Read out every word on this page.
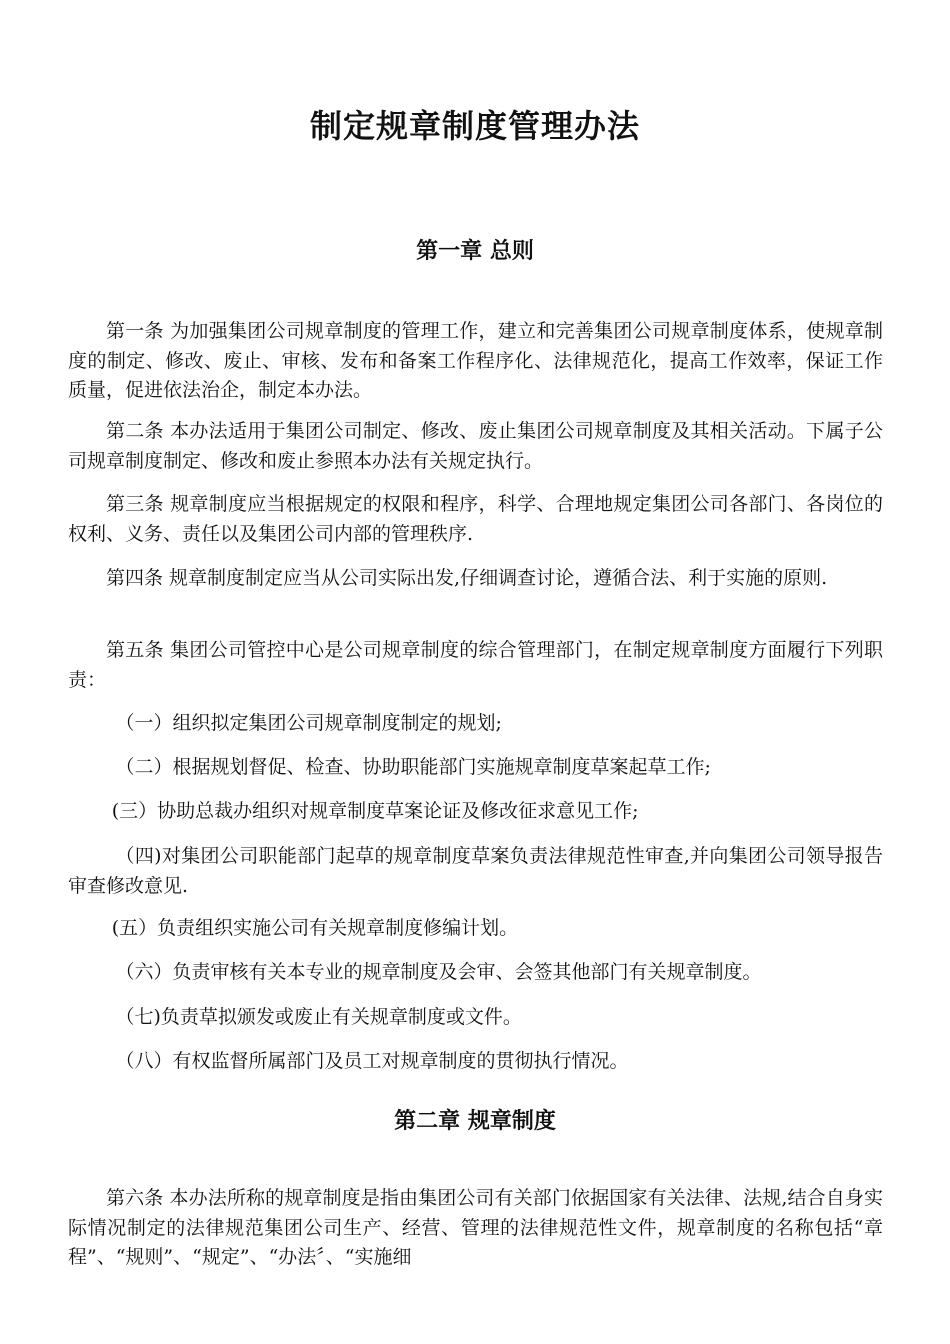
制定规章制度管理办法
第一章 总则
第一条 为加强集团公司规章制度的管理工作，建立和完善集团公司规章制度体系，使规章制度的制定、修改、废止、审核、发布和备案工作程序化、法律规范化，提高工作效率，保证工作质量，促进依法治企，制定本办法。
第二条 本办法适用于集团公司制定、修改、废止集团公司规章制度及其相关活动。下属子公司规章制度制定、修改和废止参照本办法有关规定执行。
第三条 规章制度应当根据规定的权限和程序，科学、合理地规定集团公司各部门、各岗位的权利、义务、责任以及集团公司内部的管理秩序.
第四条 规章制度制定应当从公司实际出发,仔细调查讨论，遵循合法、利于实施的原则.
第五条 集团公司管控中心是公司规章制度的综合管理部门，在制定规章制度方面履行下列职责：
（一）组织拟定集团公司规章制度制定的规划;
（二）根据规划督促、检查、协助职能部门实施规章制度草案起草工作;
(三）协助总裁办组织对规章制度草案论证及修改征求意见工作;
（四)对集团公司职能部门起草的规章制度草案负责法律规范性审查,并向集团公司领导报告审查修改意见.
(五）负责组织实施公司有关规章制度修编计划。
（六）负责审核有关本专业的规章制度及会审、会签其他部门有关规章制度。
（七)负责草拟颁发或废止有关规章制度或文件。
（八）有权监督所属部门及员工对规章制度的贯彻执行情况。
第二章 规章制度
第六条 本办法所称的规章制度是指由集团公司有关部门依据国家有关法律、法规,结合自身实际情况制定的法律规范集团公司生产、经营、管理的法律规范性文件，规章制度的名称包括“章程”、“规则”、“规定”、“办法〞、“实施细
